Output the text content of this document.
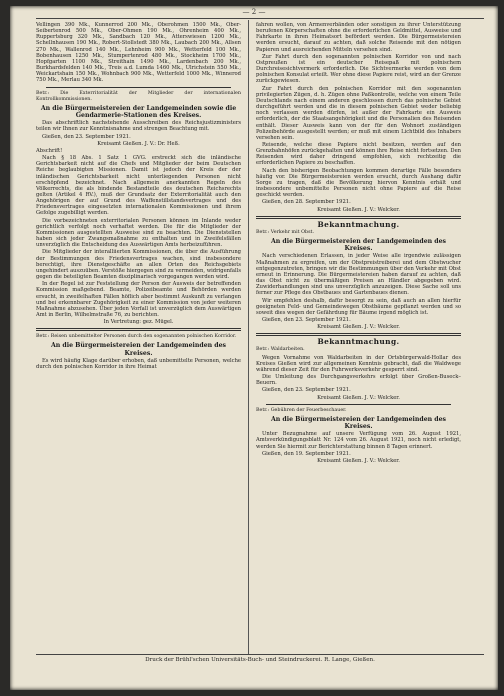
— 2 —

Vellingen 390 Mk., Kunnerrod 200 Mk., Oberohmen 1500 Mk., Ober-Seibertenrod 500 Mk., Ober-Ohmen 190 Mk., Ohrenheim 400 Mk., Ruppertsburg 320 Mk., Sandbach 120 Mk., Atterswiesen 1200 Mk., Schellnhausen 190 Mk., Robert-Stollstedt 380 Mk., Laubach 200 Mk., Allsen 270 Mk., Wallenrod 140 Mk., Lehnheim 900 Mk., Wetterfeld 100 Mk., Bobenhausen 1250 Mk., Stumpertenrod 480 Mk., Stockheim 1700 Mk., Hopfgarten 1100 Mk., Streithain 1490 Mk., Lardenbach 200 Mk., Burkhardsfelden 140 Mk., Treis a.d. Lumda 1460 Mk., Ulrichstein 550 Mk., Weickartshain 150 Mk., Wohnbach 900 Mk., Wetterfeld 1000 Mk., Winnerod 750 Mk., Merlau 340 Mk.

Betr.: Die Exterritorialität der Mitglieder der internationalen Kontrollkommissionen.

An die Bürgermeistereien der Landgemeinden sowie die Gendarmerie-Stationen des Kreises.

Das abschriftlich nachstehende Ausschreiben des Reichsjustizministers teilen wir Ihnen zur Kenntnisnahme und strengen Beachtung mit.

Gießen, den 23. September 1921.

Kreisamt Gießen. J. V.: Dr. Heß.

Abschrift!

Nach § 18 Abs. 1 Satz 1 GVG. erstreckt sich die inländische Gerichtsbarkeit nicht auf die Chefs und Mitglieder der beim Deutschen Reiche beglaubigten Missionen. Damit ist jedoch der Kreis der der inländischen Gerichtsbarkeit nicht unterliegenden Personen nicht erschöpfend bezeichnet. Nach allgemein anerkannten Regeln des Völkerrechts, die als bindende Bestandteile des deutschen Reichsrechts gelten (Artikel 4 RV.), muß der Grundsatz der Exterritorialität auch den Angehörigen der auf Grund des Waffenstillstandsvertrages und des Friedensvertrages eingesetzten internationalen Kommissionen und ihrem Gefolge zugebilligt werden.

Die vorbezeichneten exterritorialen Personen können im Inlande weder gerichtlich verfolgt noch verhaftet werden. Die für die Mitglieder der Kommissionen ausgestellten Ausweise sind zu beachten. Die Dienststellen haben sich jeder Zwangsmaßnahme zu enthalten und in Zweifelsfällen unverzüglich die Entscheidung des Auswärtigen Amts herbeizuführen.

Die Mitglieder der interalliierten Kommissionen, die über die Ausführung der Bestimmungen des Friedensvertrages wachen, sind insbesondere berechtigt, ihre Dienstgeschäfte an allen Orten des Reichsgebiets ungehindert auszuüben. Verstöße hiergegen sind zu vermeiden, widrigenfalls gegen die beteiligten Beamten disziplinarisch vorgegangen werden wird.

In der Regel ist zur Feststellung der Person der Ausweis der betreffenden Kommission maßgebend. Beamte, Polizeibeamte und Behörden werden ersucht, in zweifelhaften Fällen höflich aber bestimmt Auskunft zu verlangen und bei erkennbarer Zugehörigkeit zu einer Kommission von jeder weiteren Maßnahme abzusehen. Über jeden Vorfall ist unverzüglich dem Auswärtigen Amt in Berlin, Wilhelmstraße 76, zu berichten.

In Vertretung: gez. Mügel.

Betr.: Reisen unbemittelter Personen durch den sogenannten polnischen Korridor.

An die Bürgermeistereien der Landgemeinden des Kreises.

Es wird häufig Klage darüber erhoben, daß unbemittelte Personen, welche durch den polnischen Korridor in ihre Heimat

fahren wollen, von Armenverbänden oder sonstigen zu ihrer Unterstützung berufenen Körperschaften ohne die erforderlichen Geldmittel, Ausweise und Fahrkarte in ihren Heimatsort befördert werden. Die Bürgermeistereien werden ersucht, darauf zu achten, daß solche Reisende mit den nötigen Papieren und ausreichenden Mitteln versehen sind.

Zur Fahrt durch den sogenannten polnischen Korridor von und nach Ostpreußen ist ein deutscher Reisepaß mit polnischem Durchreisesichtvermerk erforderlich. Die Sichtvermerke werden von dem polnischen Konsulat erteilt. Wer ohne diese Papiere reist, wird an der Grenze zurückgewiesen.

Zur Fahrt durch den polnischen Korridor mit den sogenannten privilegierten Zügen, d. h. Zügen ohne Paßkontrolle, welche von einem Teile Deutschlands nach einem anderen geschlossen durch das polnische Gebiet durchgeführt werden und die in diesem polnischen Gebiet weder beliebig noch verlassen werden dürfen, ist außer der Fahrkarte ein Ausweis erforderlich, der die Staatsangehörigkeit und die Personalien des Reisenden enthält. Dieser Ausweis kann von der für den Wohnort zuständigen Polizeibehörde ausgestellt werden; er muß mit einem Lichtbild des Inhabers versehen sein.

Reisende, welche diese Papiere nicht besitzen, werden auf den Grenzbahnhöfen zurückgehalten und können ihre Reise nicht fortsetzen. Den Reisenden wird daher dringend empfohlen, sich rechtzeitig die erforderlichen Papiere zu beschaffen.

Nach den bisherigen Beobachtungen kommen derartige Fälle besonders häufig vor. Die Bürgermeistereien werden ersucht, durch Aushang dafür Sorge zu tragen, daß die Bevölkerung hiervon Kenntnis erhält und insbesondere unbemittelte Personen nicht ohne Papiere auf die Reise geschickt werden.

Gießen, den 28. September 1921.

Kreisamt Gießen. J. V.: Welcker.
Bekanntmachung.

Betr.: Verkehr mit Obst.

An die Bürgermeistereien der Landgemeinden des Kreises.

Nach verschiedenen Erlassen, in jeder Weise alle irgendwie zulässigen Maßnahmen zu ergreifen, um der Obstpreistreiberei und dem Obstwucher entgegenzutreten, bringen wir die Bestimmungen über den Verkehr mit Obst erneut in Erinnerung. Die Bürgermeistereien haben darauf zu achten, daß das Obst nicht zu übermäßigen Preisen an Händler abgegeben wird. Zuwiderhandlungen sind uns unverzüglich anzuzeigen. Diese Sache soll uns ferner zur Pflege des Obstbaues und Gartenbaues dienen.

Wir empfehlen deshalb, dafür besorgt zu sein, daß auch an allen hierfür geeigneten Feld- und Gemeindewegen Obstbäume gepflanzt werden und so soweit dies wegen der Gefährdung für Bäume irgend möglich ist.

Gießen, den 23. September 1921.

Kreisamt Gießen. J. V.: Welcker.
Bekanntmachung.

Betr.: Waldarbeiten.

Wegen Vornahme von Waldarbeiten in der Ortsbürgerwald-Hollar des Kreises Gießen wird zur allgemeinen Kenntnis gebracht, daß die Waldwege während dieser Zeit für den Fuhrwerksverkehr gesperrt sind.

Die Umleitung des Durchgangsverkehrs erfolgt über Großen-Buseck–Beuern.

Gießen, den 23. September 1921.

Kreisamt Gießen. J. V.: Welcker.

Betr.: Gebühren der Feuerbeschauer.

An die Bürgermeistereien der Landgemeinden des Kreises.

Unter Bezugnahme auf unsere Verfügung vom 26. August 1921, Amtsverkündigungsblatt Nr. 124 vom 26. August 1921, noch nicht erledigt, werden Sie hiermit zur Berichterstattung binnen 8 Tagen erinnert.

Gießen, den 19. September 1921.

Kreisamt Gießen. J. V.: Welcker.
Druck der Brühl'schen Universitäts-Buch- und Steindruckerei. R. Lange, Gießen.
